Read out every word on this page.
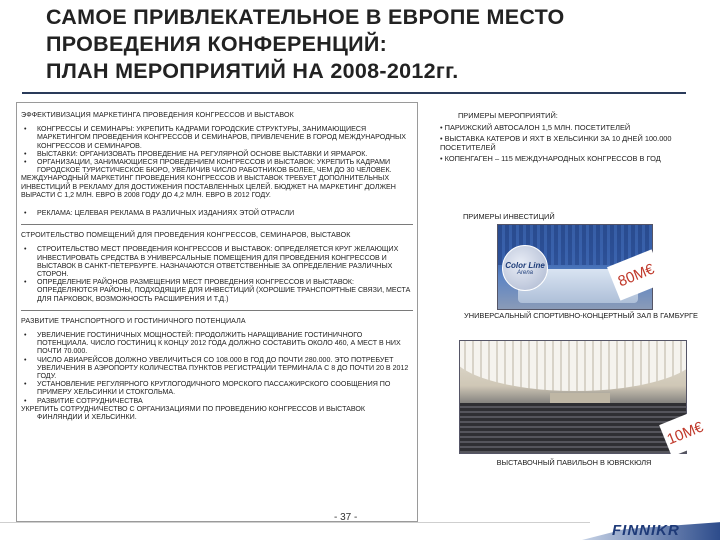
САМОЕ ПРИВЛЕКАТЕЛЬНОЕ В ЕВРОПЕ МЕСТО
ПРОВЕДЕНИЯ КОНФЕРЕНЦИЙ:
ПЛАН МЕРОПРИЯТИЙ НА 2008-2012гг.
ЭФФЕКТИВИЗАЦИЯ МАРКЕТИНГА ПРОВЕДЕНИЯ КОНГРЕССОВ И ВЫСТАВОК
• КОНГРЕССЫ И СЕМИНАРЫ: УКРЕПИТЬ КАДРАМИ ГОРОДСКИЕ СТРУКТУРЫ, ЗАНИМАЮЩИЕСЯ МАРКЕТИНГОМ ПРОВЕДЕНИЯ КОНГРЕССОВ И СЕМИНАРОВ, ПРИВЛЕЧЕНИЕ В ГОРОД МЕЖДУНАРОДНЫХ КОНГРЕССОВ И СЕМИНАРОВ.
• ВЫСТАВКИ: ОРГАНИЗОВАТЬ ПРОВЕДЕНИЕ НА РЕГУЛЯРНОЙ ОСНОВЕ ВЫСТАВКИ И ЯРМАРОК.
• ОРГАНИЗАЦИИ, ЗАНИМАЮЩИЕСЯ ПРОВЕДЕНИЕМ КОНГРЕССОВ И ВЫСТАВОК: УКРЕПИТЬ КАДРАМИ ГОРОДСКОЕ ТУРИСТИЧЕСКОЕ БЮРО, УВЕЛИЧИВ ЧИСЛО РАБОТНИКОВ БОЛЕЕ, ЧЕМ ДО 30 ЧЕЛОВЕК.
МЕЖДУНАРОДНЫЙ МАРКЕТИНГ ПРОВЕДЕНИЯ КОНГРЕССОВ И ВЫСТАВОК ТРЕБУЕТ ДОПОЛНИТЕЛЬНЫХ ИНВЕСТИЦИЙ В РЕКЛАМУ ДЛЯ ДОСТИЖЕНИЯ ПОСТАВЛЕННЫХ ЦЕЛЕЙ. БЮДЖЕТ НА МАРКЕТИНГ ДОЛЖЕН ВЫРАСТИ С 1,2 МЛН. ЕВРО В 2008 ГОДУ ДО 4,2 МЛН. ЕВРО В 2012 ГОДУ.
• РЕКЛАМА: ЦЕЛЕВАЯ РЕКЛАМА В РАЗЛИЧНЫХ ИЗДАНИЯХ ЭТОЙ ОТРАСЛИ
СТРОИТЕЛЬСТВО ПОМЕЩЕНИЙ ДЛЯ ПРОВЕДЕНИЯ КОНГРЕССОВ, СЕМИНАРОВ, ВЫСТАВОК
• СТРОИТЕЛЬСТВО МЕСТ ПРОВЕДЕНИЯ КОНГРЕССОВ И ВЫСТАВОК: ОПРЕДЕЛЯЕТСЯ КРУГ ЖЕЛАЮЩИХ ИНВЕСТИРОВАТЬ СРЕДСТВА В УНИВЕРСАЛЬНЫЕ ПОМЕЩЕНИЯ ДЛЯ ПРОВЕДЕНИЯ КОНГРЕССОВ И ВЫСТАВОК В САНКТ-ПЕТЕРБУРГЕ. НАЗНАЧАЮТСЯ ОТВЕТСТВЕННЫЕ ЗА ОПРЕДЕЛЕНИЕ РАЗЛИЧНЫХ СТОРОН.
• ОПРЕДЕЛЕНИЕ РАЙОНОВ РАЗМЕЩЕНИЯ МЕСТ ПРОВЕДЕНИЯ КОНГРЕССОВ И ВЫСТАВОК: ОПРЕДЕЛЯЮТСЯ РАЙОНЫ, ПОДХОДЯЩИЕ ДЛЯ ИНВЕСТИЦИЙ (ХОРОШИЕ ТРАНСПОРТНЫЕ СВЯЗИ, МЕСТА ДЛЯ ПАРКОВОК, ВОЗМОЖНОСТЬ РАСШИРЕНИЯ И Т.Д.)
РАЗВИТИЕ ТРАНСПОРТНОГО И ГОСТИНИЧНОГО ПОТЕНЦИАЛА
• УВЕЛИЧЕНИЕ ГОСТИНИЧНЫХ МОЩНОСТЕЙ: ПРОДОЛЖИТЬ НАРАЩИВАНИЕ ГОСТИНИЧНОГО ПОТЕНЦИАЛА. ЧИСЛО ГОСТИНИЦ К КОНЦУ 2012 ГОДА ДОЛЖНО СОСТАВИТЬ ОКОЛО 460, А МЕСТ В НИХ ПОЧТИ 70.000.
• ЧИСЛО АВИАРЕЙСОВ ДОЛЖНО УВЕЛИЧИТЬСЯ СО 108.000 В ГОД ДО ПОЧТИ 280.000. ЭТО ПОТРЕБУЕТ УВЕЛИЧЕНИЯ В АЭРОПОРТУ КОЛИЧЕСТВА ПУНКТОВ РЕГИСТРАЦИИ ТЕРМИНАЛА С 8 ДО ПОЧТИ 20 В 2012 ГОДУ.
• УСТАНОВЛЕНИЕ РЕГУЛЯРНОГО КРУГЛОГОДИЧНОГО МОРСКОГО ПАССАЖИРСКОГО СООБЩЕНИЯ ПО ПРИМЕРУ ХЕЛЬСИНКИ И СТОКГОЛЬМА.
• РАЗВИТИЕ СОТРУДНИЧЕСТВА
УКРЕПИТЬ СОТРУДНИЧЕСТВО С ОРГАНИЗАЦИЯМИ ПО ПРОВЕДЕНИЮ КОНГРЕССОВ И ВЫСТАВОК
ФИНЛЯНДИИ И ХЕЛЬСИНКИ.
ПРИМЕРЫ МЕРОПРИЯТИЙ:
• ПАРИЖСКИЙ АВТОСАЛОН 1,5 МЛН. ПОСЕТИТЕЛЕЙ
• ВЫСТАВКА КАТЕРОВ И ЯХТ В ХЕЛЬСИНКИ ЗА 10 ДНЕЙ 100.000 ПОСЕТИТЕЛЕЙ
• КОПЕНГАГЕН – 115 МЕЖДУНАРОДНЫХ КОНГРЕССОВ В ГОД
ПРИМЕРЫ ИНВЕСТИЦИЙ
Color Line
Arena	80М€
УНИВЕРСАЛЬНЫЙ СПОРТИВНО-КОНЦЕРТНЫЙ ЗАЛ В ГАМБУРГЕ
10М€
ВЫСТАВОЧНЫЙ ПАВИЛЬОН В ЮВЯСКЮЛЯ
- 37 -
FINNIKR
